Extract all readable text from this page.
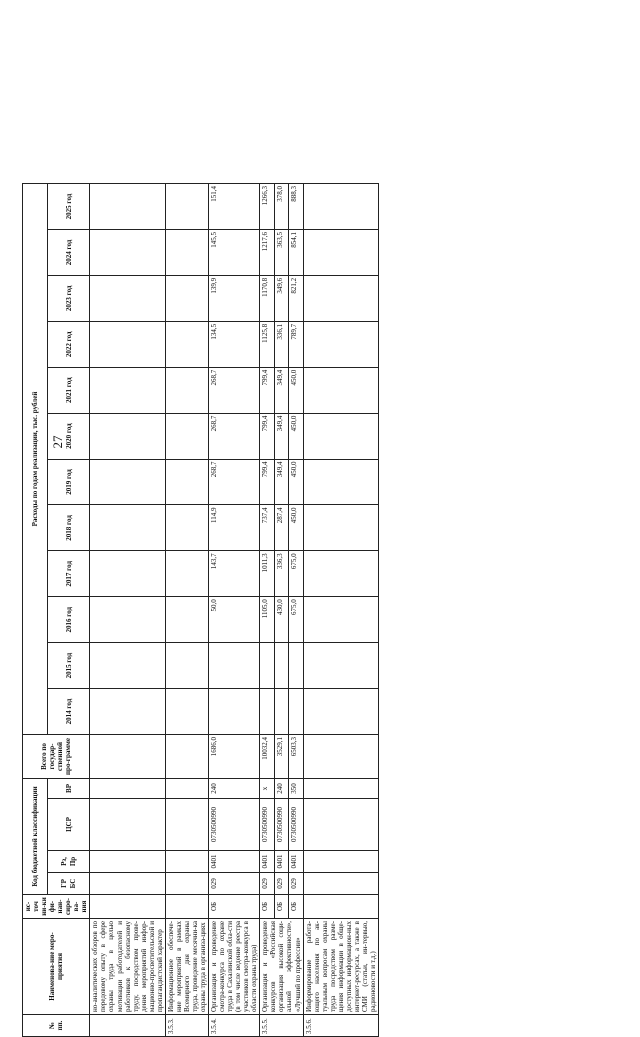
27
№ пп.	Наименова-ние меро-приятия	ис-точ ни-ки фи-нан-сиро-ва-ния	Код бюджетной классификации				Всего по государ-ственной про-грамме	Расходы по годам реализации, тыс. рублей											
			ГР БС	Рз, Пр	ЦСР	ВР		2014 год	2015 год	2016 год	2017 год	2018 год	2019 год	2020 год	2021 год	2022 год	2023 год	2024 год	2025 год
	но-аналитических обзоров по передовому опыту в сфере охраны труда в целью мотивации работодателей и работников к безопасному труду, посредством прове-дения мероприятий инфор-мационно-просветительской и пропагандистский характер																		
3.5.3.	Информационное обеспече-ние мероприятий в рамках Всемирного дня охраны труда, проведение месячни-ка охраны труда в организа-циях																		
3.5.4.	Организация и проведение смотра-конкурса по охране труда в Сахалинской обла-сти (в том числе ведение реестра участников смотра-конкурса в области охраны труда)	ОБ	029	0401	0730500990	240	1686,0			50,0	143,7	114,9	268,7	268,7	268,7	134,5	139,9	145,5	151,4
3.5.5.	Организация и проведение конкурсов «Российская организация высокой соци-альной эффективности», «Лучший по профессии»	ОБ	029	0401	0730500990	х	10032,4			1105,0	1011,3	737,4	799,4	799,4	799,4	1125,8	1170,8	1217,6	1266,3
		ОБ	029	0401	0730500990	240	3529,1			430,0	336,3	287,4	349,4	349,4	349,4	336,1	349,6	363,5	378,0
		ОБ	029	0401	0730500990	350	6503,3			675,0	675,0	450,0	450,0	450,0	450,0	789,7	821,2	854,1	888,3
3.5.6.	Информирование работа-ющего населения по ак-туальным вопросам охраны труда посредством разме-щения информации в обще-доступных информацион-ных интернет-ресурсах, а также в СМИ (статьи, ин-тервью, радионовости и т.д.)																		
